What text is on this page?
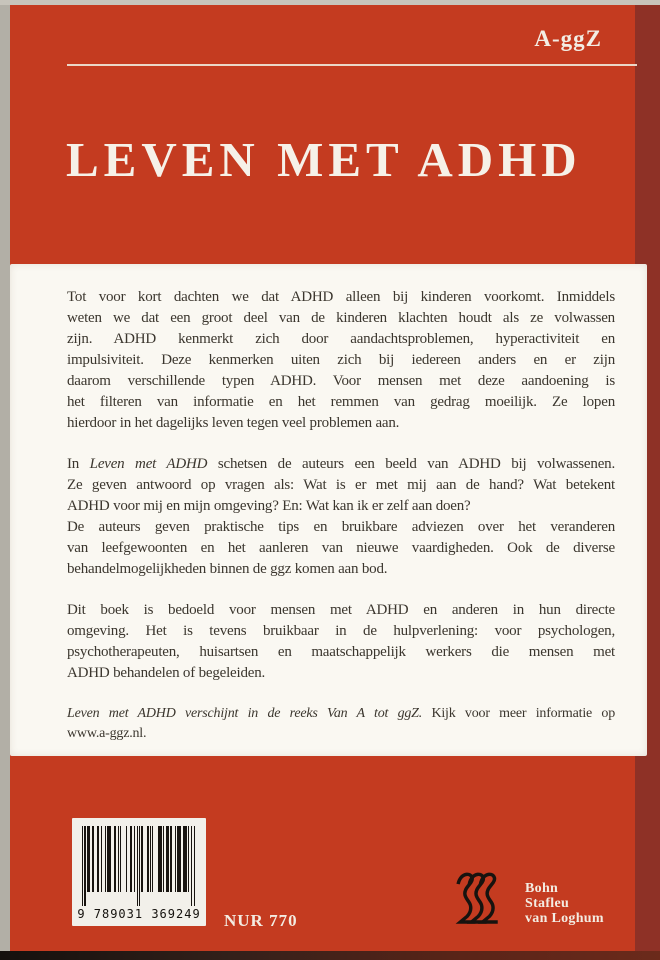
A-ggZ
LEVEN MET ADHD
Tot voor kort dachten we dat ADHD alleen bij kinderen voorkomt. Inmiddels
weten we dat een groot deel van de kinderen klachten houdt als ze volwassen
zijn. ADHD kenmerkt zich door aandachtsproblemen, hyperactiviteit en
impulsiviteit. Deze kenmerken uiten zich bij iedereen anders en er zijn
daarom verschillende typen ADHD. Voor mensen met deze aandoening is
het filteren van informatie en het remmen van gedrag moeilijk. Ze lopen
hierdoor in het dagelijks leven tegen veel problemen aan.
In Leven met ADHD schetsen de auteurs een beeld van ADHD bij volwassenen.
Ze geven antwoord op vragen als: Wat is er met mij aan de hand? Wat betekent
ADHD voor mij en mijn omgeving? En: Wat kan ik er zelf aan doen?
De auteurs geven praktische tips en bruikbare adviezen over het veranderen
van leefgewoonten en het aanleren van nieuwe vaardigheden. Ook de diverse
behandelmogelijkheden binnen de ggz komen aan bod.
Dit boek is bedoeld voor mensen met ADHD en anderen in hun directe
omgeving. Het is tevens bruikbaar in de hulpverlening: voor psychologen,
psychotherapeuten, huisartsen en maatschappelijk werkers die mensen met
ADHD behandelen of begeleiden.
Leven met ADHD verschijnt in de reeks Van A tot ggZ. Kijk voor meer informatie op
www.a-ggz.nl.
9 789031 369249	NUR 770
Bohn
Stafleu
van Loghum
